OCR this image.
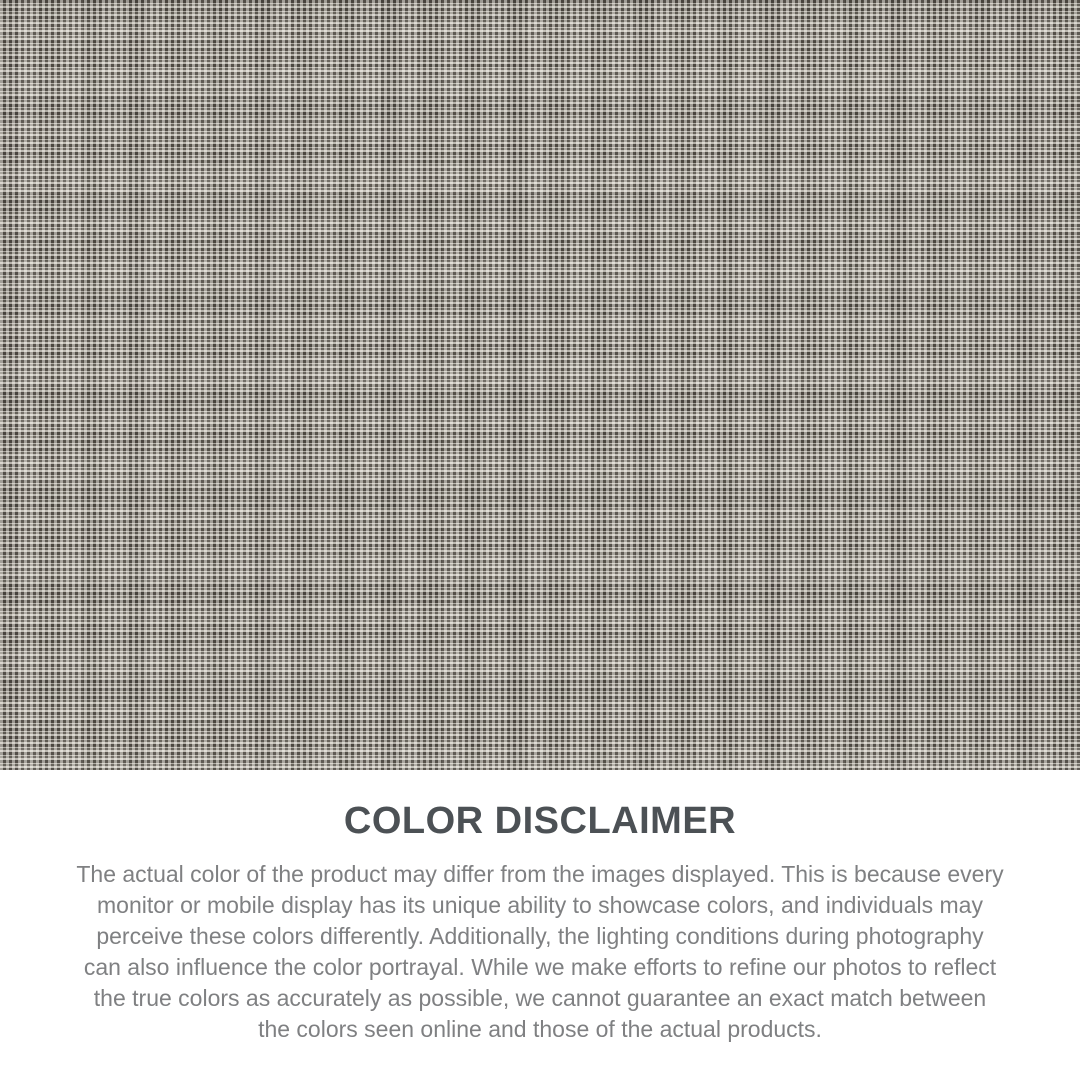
COLOR DISCLAIMER

The actual color of the product may differ from the images displayed. This is because every
monitor or mobile display has its unique ability to showcase colors, and individuals may
perceive these colors differently. Additionally, the lighting conditions during photography
can also influence the color portrayal. While we make efforts to refine our photos to reflect
the true colors as accurately as possible, we cannot guarantee an exact match between
the colors seen online and those of the actual products.
